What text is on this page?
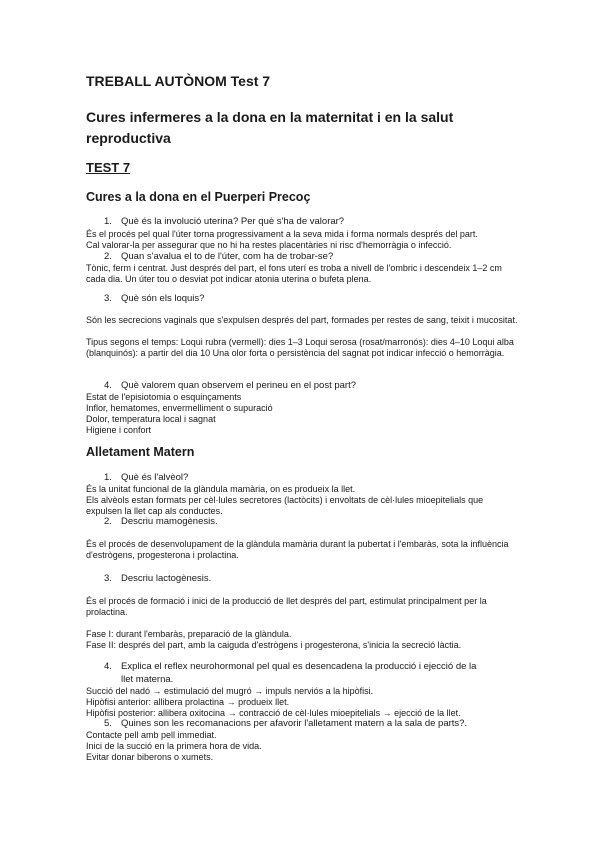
TREBALL AUTÒNOM Test 7
Cures infermeres a la dona en la maternitat i en la salut reproductiva
TEST 7
Cures a la dona en el Puerperi Precoç
1. Què és la involució uterina? Per què s'ha de valorar?
És el procés pel qual l'úter torna progressivament a la seva mida i forma normals després del part.
Cal valorar-la per assegurar que no hi ha restes placentàries ni risc d'hemorràgia o infecció.
2. Quan s'avalua el to de l'úter, com ha de trobar-se?
Tònic, ferm i centrat. Just després del part, el fons uterí es troba a nivell de l'ombric i descendeix 1–2 cm cada dia. Un úter tou o desviat pot indicar atonia uterina o bufeta plena.
3. Què són els loquis?
Són les secrecions vaginals que s'expulsen després del part, formades per restes de sang, teixit i mucositat.
Tipus segons el temps: Loqui rubra (vermell): dies 1–3 Loqui serosa (rosat/marronós): dies 4–10 Loqui alba (blanquinós): a partir del dia 10 Una olor forta o persistència del sagnat pot indicar infecció o hemorràgia.
4. Què valorem quan observem el perineu en el post part?
Estat de l'episiotomia o esquinçaments
Inflor, hematomes, envermelliment o supuració
Dolor, temperatura local i sagnat
Higiene i confort
Alletament Matern
1. Què és l'alvèol?
És la unitat funcional de la glàndula mamària, on es produeix la llet.
Els alvèols estan formats per cèl·lules secretores (lactòcits) i envoltats de cèl·lules mioepitelials que expulsen la llet cap als conductes.
2. Descriu mamogènesis.
És el procés de desenvolupament de la glàndula mamària durant la pubertat i l'embaràs, sota la influència d'estrògens, progesterona i prolactina.
3. Descriu lactogènesis.
És el procés de formació i inici de la producció de llet després del part, estimulat principalment per la prolactina.
Fase I: durant l'embaràs, preparació de la glàndula.
Fase II: després del part, amb la caiguda d'estrògens i progesterona, s'inicia la secreció làctia.
4. Explica el reflex neurohormonal pel qual es desencadena la producció i ejecció de la
llet materna.
Succió del nadó → estimulació del mugró → impuls nerviós a la hipòfisi.
Hipòfisi anterior: allibera prolactina → produeix llet.
Hipòfisi posterior: allibera oxitocina → contracció de cèl·lules mioepitelials → ejecció de la llet.
5. Quines son les recomanacions per afavorir l'alletament matern a la sala de parts?.
Contacte pell amb pell immediat.
Inici de la succió en la primera hora de vida.
Evitar donar biberons o xumets.
